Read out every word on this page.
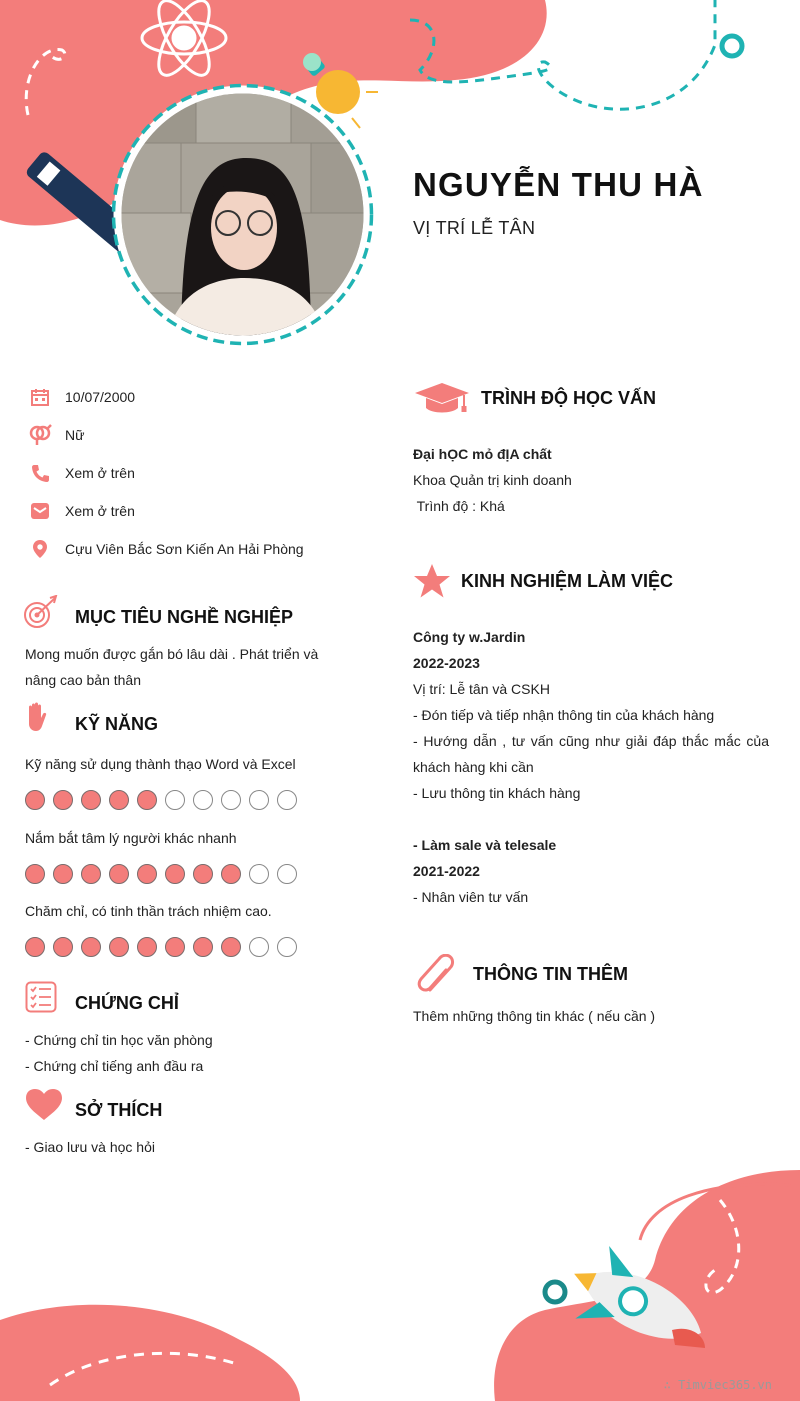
NGUYỄN THU HÀ
VỊ TRÍ LỄ TÂN
10/07/2000
Nữ
Xem ở trên
Xem ở trên
Cựu Viên Bắc Sơn Kiến An Hải Phòng
MỤC TIÊU NGHỀ NGHIỆP
Mong muốn được gắn bó lâu dài . Phát triển và
nâng cao bản thân
KỸ NĂNG
Kỹ năng sử dụng thành thạo Word và Excel
Nắm bắt tâm lý người khác nhanh
Chăm chỉ, có tinh thần trách nhiệm cao.
CHỨNG CHỈ
- Chứng chỉ tin học văn phòng
- Chứng chỉ tiếng anh đầu ra
SỞ THÍCH
- Giao lưu và học hỏi
TRÌNH ĐỘ HỌC VẤN
Đại hỌC mỏ đỊA chất
Khoa Quản trị kinh doanh
Trình độ : Khá
KINH NGHIỆM LÀM VIỆC
Công ty w.Jardin
2022-2023
Vị trí: Lễ tân và CSKH
- Đón tiếp và tiếp nhận thông tin của khách hàng
- Hướng dẫn , tư vấn cũng như giải đáp thắc mắc của
khách hàng khi cần
- Lưu thông tin khách hàng
- Làm sale và telesale
2021-2022
- Nhân viên tư vấn
THÔNG TIN THÊM
Thêm những thông tin khác ( nếu cần )
∴ Timviec365.vn
